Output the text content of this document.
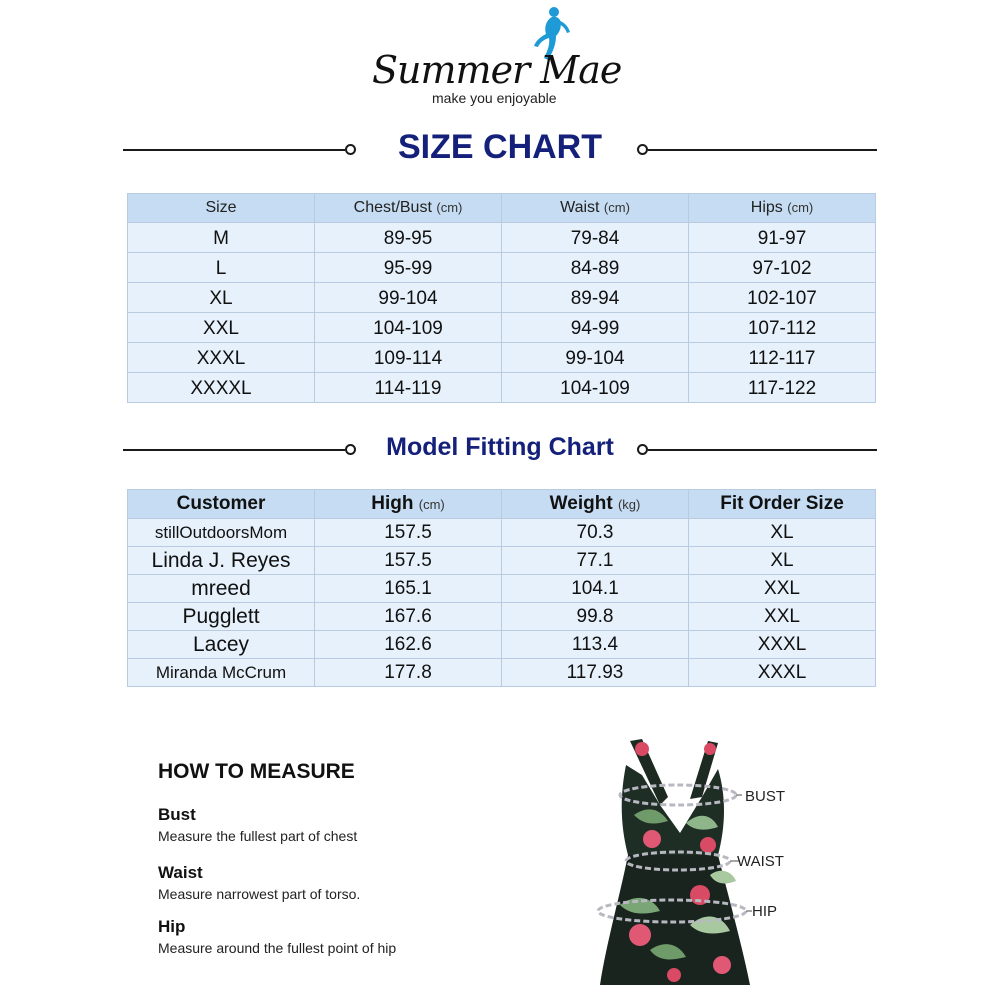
Summer Mae
make you enjoyable
SIZE CHART
Size	Chest/Bust (cm)	Waist (cm)	Hips (cm)
M	89-95	79-84	91-97
L	95-99	84-89	97-102
XL	99-104	89-94	102-107
XXL	104-109	94-99	107-112
XXXL	109-114	99-104	112-117
XXXXL	114-119	104-109	117-122
Model Fitting Chart
Customer	High (cm)	Weight (kg)	Fit Order Size
stillOutdoorsMom	157.5	70.3	XL
Linda J. Reyes	157.5	77.1	XL
mreed	165.1	104.1	XXL
Pugglett	167.6	99.8	XXL
Lacey	162.6	113.4	XXXL
Miranda McCrum	177.8	117.93	XXXL
HOW TO MEASURE
Bust
Measure the fullest part of chest
Waist
Measure narrowest part of torso.
Hip
Measure around the fullest point of hip
BUST
WAIST
HIP
